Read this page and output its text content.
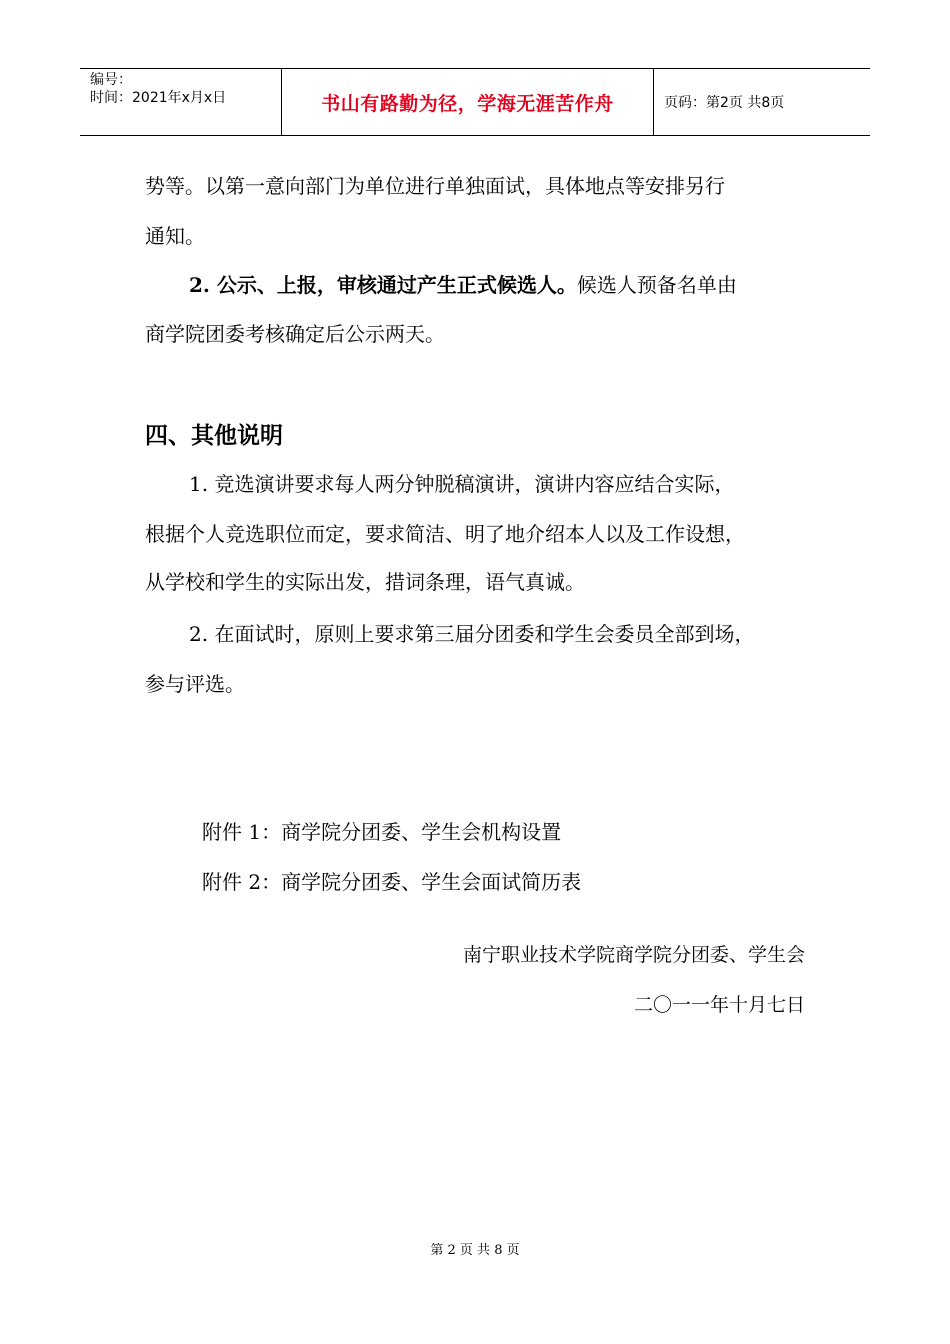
编号：
时间：2021年x月x日	书山有路勤为径，学海无涯苦作舟	页码：第2页 共8页
势等。以第一意向部门为单位进行单独面试，具体地点等安排另行
通知。
2. 公示、上报，审核通过产生正式候选人。候选人预备名单由
商学院团委考核确定后公示两天。
四、其他说明
1. 竞选演讲要求每人两分钟脱稿演讲，演讲内容应结合实际，
根据个人竞选职位而定，要求简洁、明了地介绍本人以及工作设想，
从学校和学生的实际出发，措词条理，语气真诚。
2. 在面试时，原则上要求第三届分团委和学生会委员全部到场，
参与评选。
附件 1：商学院分团委、学生会机构设置
附件 2：商学院分团委、学生会面试简历表
南宁职业技术学院商学院分团委、学生会
二〇一一年十月七日
第 2 页 共 8 页
